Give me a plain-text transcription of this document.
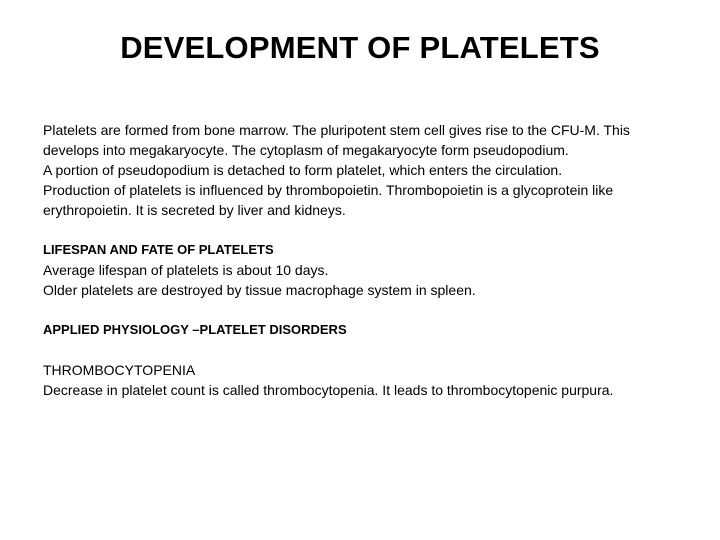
DEVELOPMENT OF PLATELETS

Platelets are formed from bone marrow. The pluripotent stem cell gives rise to the CFU-M. This develops into megakaryocyte. The cytoplasm of megakaryocyte form pseudopodium.

A portion of pseudopodium is detached to form platelet, which enters the circulation.

Production of platelets is influenced by thrombopoietin. Thrombopoietin is a glycoprotein like erythropoietin. It is secreted by liver and kidneys.

LIFESPAN AND FATE OF PLATELETS

Average lifespan of platelets is about 10 days.

Older platelets are destroyed by tissue macrophage system in spleen.

APPLIED PHYSIOLOGY –PLATELET DISORDERS

THROMBOCYTOPENIA

Decrease in platelet count is called thrombocytopenia. It leads to thrombocytopenic purpura.
